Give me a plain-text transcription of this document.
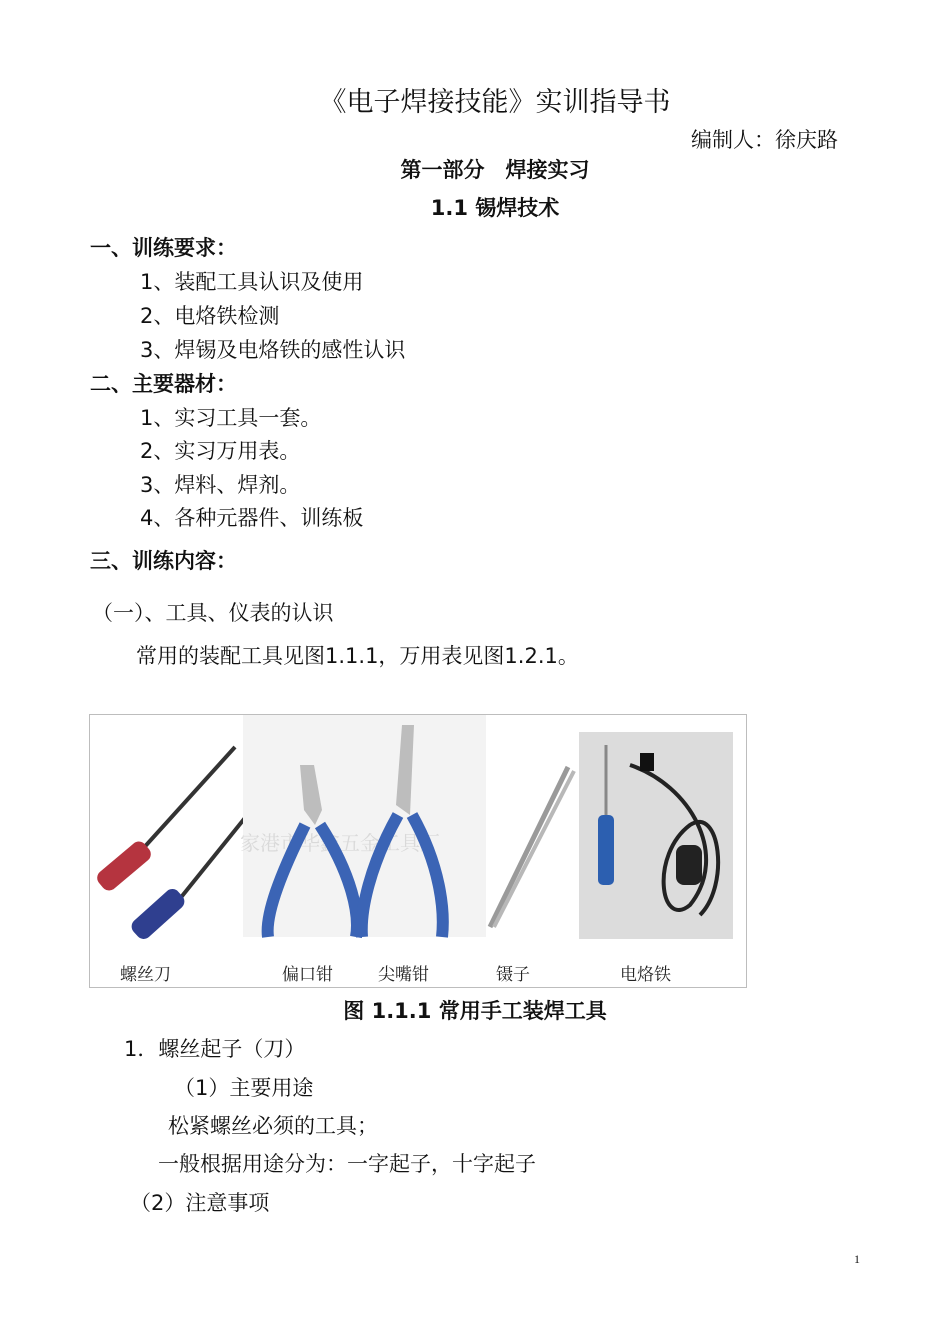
《电子焊接技能》实训指导书
编制人：徐庆路
第一部分　焊接实习
1.1 锡焊技术
一、训练要求：
1、装配工具认识及使用
2、电烙铁检测
3、焊锡及电烙铁的感性认识
二、主要器材：
1、实习工具一套。
2、实习万用表。
3、焊料、焊剂。
4、各种元器件、训练板
三、训练内容：
（一）、工具、仪表的认识
常用的装配工具见图1.1.1，万用表见图1.2.1。
家港市华鑫五金工具厂
螺丝刀	偏口钳	尖嘴钳	镊子	电烙铁
图 1.1.1 常用手工装焊工具
1．螺丝起子（刀）
（1）主要用途
松紧螺丝必须的工具；
一般根据用途分为：一字起子，十字起子
（2）注意事项
1
